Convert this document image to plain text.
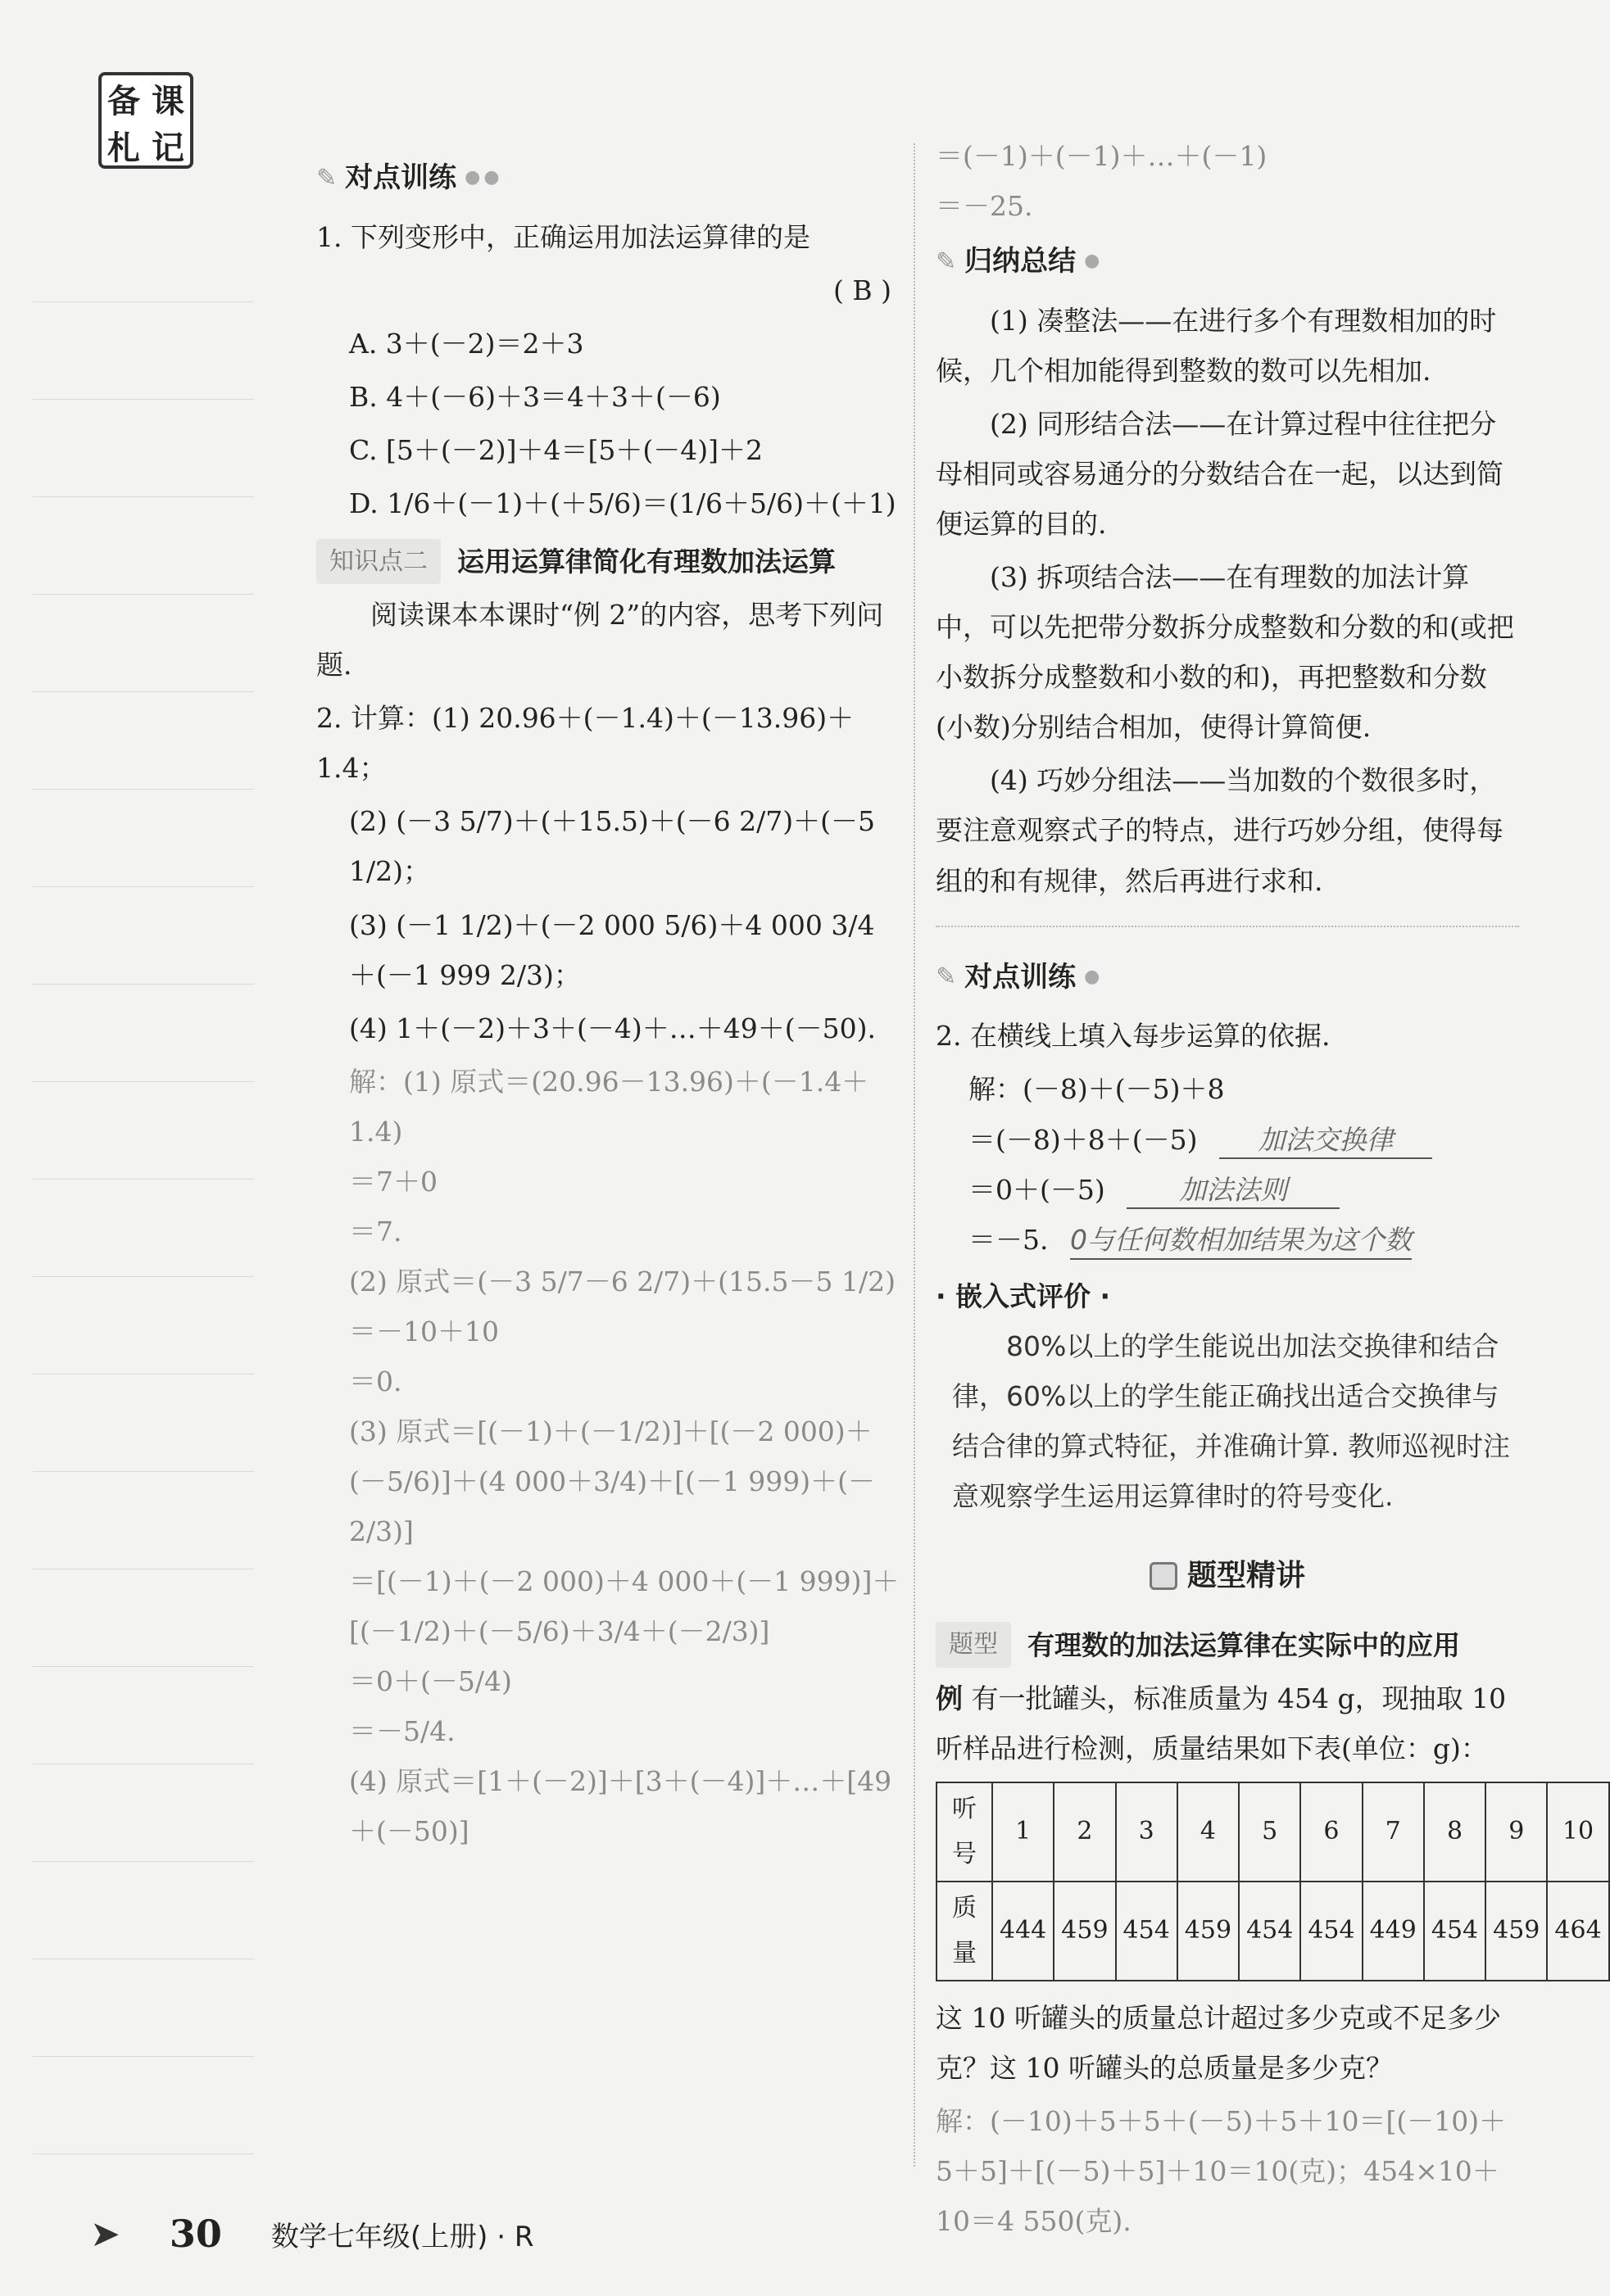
备 课
札 记
✎ 对点训练 ●●
1. 下列变形中，正确运用加法运算律的是
( B )
A. 3＋(－2)＝2＋3
B. 4＋(－6)＋3＝4＋3＋(－6)
C. [5＋(－2)]＋4＝[5＋(－4)]＋2
D. 1/6＋(－1)＋(＋5/6)＝(1/6＋5/6)＋(＋1)
知识点二	运用运算律简化有理数加法运算
阅读课本本课时“例 2”的内容，思考下列问题.
2. 计算：(1) 20.96＋(－1.4)＋(－13.96)＋1.4；
(2) (－3 5/7)＋(＋15.5)＋(－6 2/7)＋(－5 1/2)；
(3) (－1 1/2)＋(－2 000 5/6)＋4 000 3/4＋(－1 999 2/3)；
(4) 1＋(－2)＋3＋(－4)＋…＋49＋(－50).
解：(1) 原式＝(20.96－13.96)＋(－1.4＋1.4)
＝7＋0
＝7.
(2) 原式＝(－3 5/7－6 2/7)＋(15.5－5 1/2)
＝－10＋10
＝0.
(3) 原式＝[(－1)＋(－1/2)]＋[(－2 000)＋(－5/6)]＋(4 000＋3/4)＋[(－1 999)＋(－2/3)]
＝[(－1)＋(－2 000)＋4 000＋(－1 999)]＋[(－1/2)＋(－5/6)＋3/4＋(－2/3)]
＝0＋(－5/4)
＝－5/4.
(4) 原式＝[1＋(－2)]＋[3＋(－4)]＋…＋[49＋(－50)]
＝(－1)＋(－1)＋…＋(－1)
＝－25.
✎ 归纳总结 ●
(1) 凑整法——在进行多个有理数相加的时候，几个相加能得到整数的数可以先相加.
(2) 同形结合法——在计算过程中往往把分母相同或容易通分的分数结合在一起，以达到简便运算的目的.
(3) 拆项结合法——在有理数的加法计算中，可以先把带分数拆分成整数和分数的和(或把小数拆分成整数和小数的和)，再把整数和分数(小数)分别结合相加，使得计算简便.
(4) 巧妙分组法——当加数的个数很多时，要注意观察式子的特点，进行巧妙分组，使得每组的和有规律，然后再进行求和.
✎ 对点训练 ●
2. 在横线上填入每步运算的依据.
解：(－8)＋(－5)＋8
＝(－8)＋8＋(－5) 加法交换律
＝0＋(－5)	加法法则
＝－5. 0与任何数相加结果为这个数
· 嵌入式评价 ·

80%以上的学生能说出加法交换律和结合律，60%以上的学生能正确找出适合交换律与结合律的算式特征，并准确计算. 教师巡视时注意观察学生运用运算律时的符号变化.

题型精讲
题型	有理数的加法运算律在实际中的应用
例 有一批罐头，标准质量为 454 g，现抽取 10 听样品进行检测，质量结果如下表(单位：g)：
听号	1	2	3	4	5	6	7	8	9	10
质量	444	459	454	459	454	454	449	454	459	464
这 10 听罐头的质量总计超过多少克或不足多少克？这 10 听罐头的总质量是多少克？
解：(－10)＋5＋5＋(－5)＋5＋10＝[(－10)＋5＋5]＋[(－5)＋5]＋10＝10(克)；454×10＋10＝4 550(克).
➤ 30 数学七年级(上册) · R
